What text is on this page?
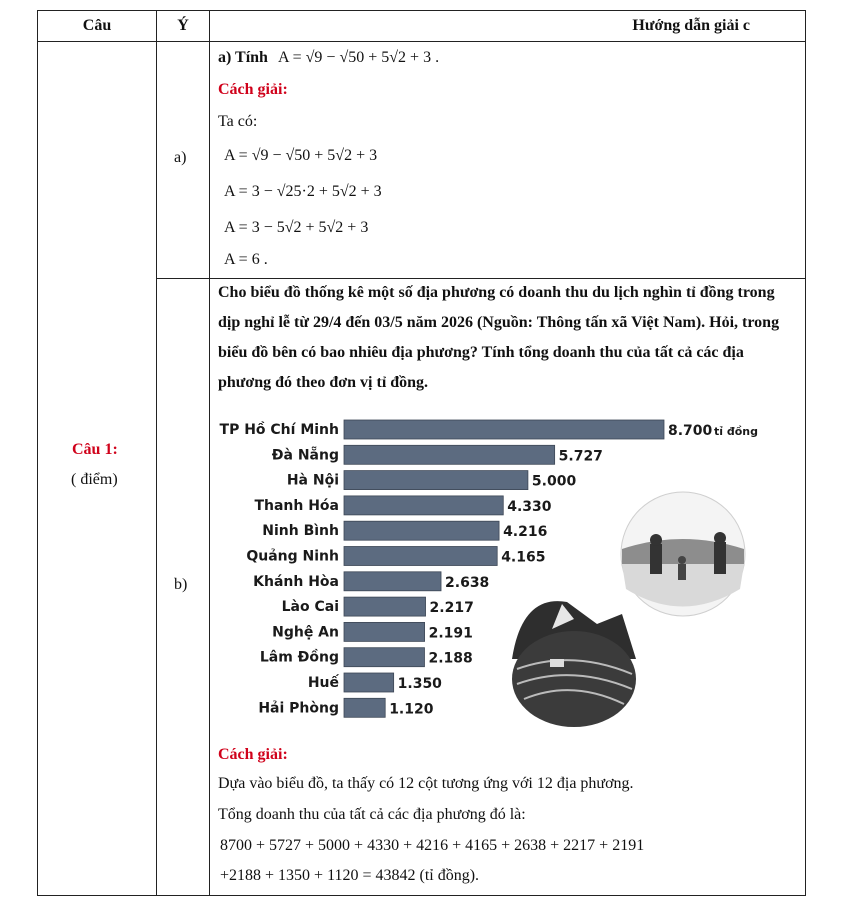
Câu	Ý	Hướng dẫn giải c
Câu 1:
( điểm)
a)
a) Tính A = √9 − √50 + 5√2 + 3 .
Cách giải:
Ta có:
A = √9 − √50 + 5√2 + 3
A = 3 − √25·2 + 5√2 + 3
A = 3 − 5√2 + 5√2 + 3
A = 6 .
b)
Cho biểu đồ thống kê một số địa phương có doanh thu du lịch nghìn tỉ đồng trong dịp nghỉ lễ từ 29/4 đến 03/5 năm 2026 (Nguồn: Thông tấn xã Việt Nam). Hỏi, trong biểu đồ bên có bao nhiêu địa phương? Tính tổng doanh thu của tất cả các địa phương đó theo đơn vị tỉ đồng.
TP Hồ Chí Minh
Đà Nẵng
Hà Nội
Thanh Hóa
Ninh Bình
Quảng Ninh
Khánh Hòa
Lào Cai
Nghệ An
Lâm Đồng
Huế
Hải Phòng
8.700 tỉ đồng
5.727
5.000
4.330
4.216
4.165
2.638
2.217
2.191
2.188
1.350
1.120
Cách giải:
Dựa vào biểu đồ, ta thấy có 12 cột tương ứng với 12 địa phương.
Tổng doanh thu của tất cả các địa phương đó là:
8700 + 5727 + 5000 + 4330 + 4216 + 4165 + 2638 + 2217 + 2191
+2188 + 1350 + 1120 = 43842 (tỉ đồng).
